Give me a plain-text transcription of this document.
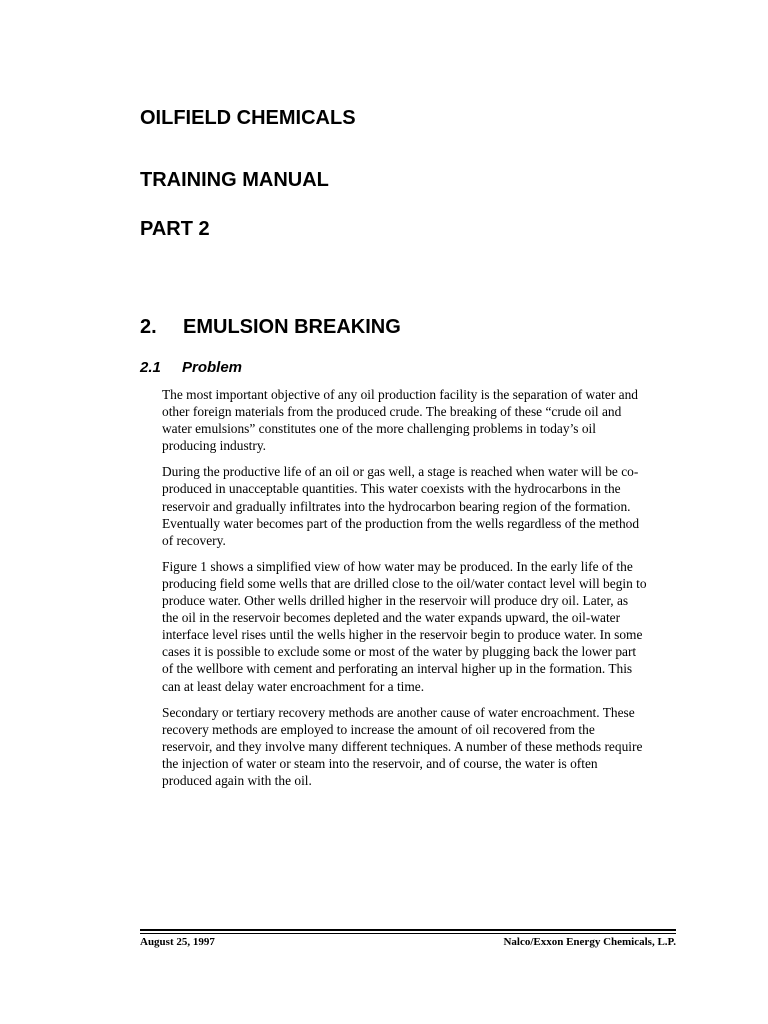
OILFIELD CHEMICALS
TRAINING MANUAL
PART 2
2. EMULSION BREAKING
2.1 Problem

The most important objective of any oil production facility is the separation of water and
other foreign materials from the produced crude. The breaking of these “crude oil and
water emulsions” constitutes one of the more challenging problems in today’s oil
producing industry.

During the productive life of an oil or gas well, a stage is reached when water will be co-
produced in unacceptable quantities. This water coexists with the hydrocarbons in the
reservoir and gradually infiltrates into the hydrocarbon bearing region of the formation.
Eventually water becomes part of the production from the wells regardless of the method
of recovery.

Figure 1 shows a simplified view of how water may be produced. In the early life of the
producing field some wells that are drilled close to the oil/water contact level will begin to
produce water. Other wells drilled higher in the reservoir will produce dry oil. Later, as
the oil in the reservoir becomes depleted and the water expands upward, the oil-water
interface level rises until the wells higher in the reservoir begin to produce water. In some
cases it is possible to exclude some or most of the water by plugging back the lower part
of the wellbore with cement and perforating an interval higher up in the formation. This
can at least delay water encroachment for a time.

Secondary or tertiary recovery methods are another cause of water encroachment. These
recovery methods are employed to increase the amount of oil recovered from the
reservoir, and they involve many different techniques. A number of these methods require
the injection of water or steam into the reservoir, and of course, the water is often
produced again with the oil.

August 25, 1997	Nalco/Exxon Energy Chemicals, L.P.
